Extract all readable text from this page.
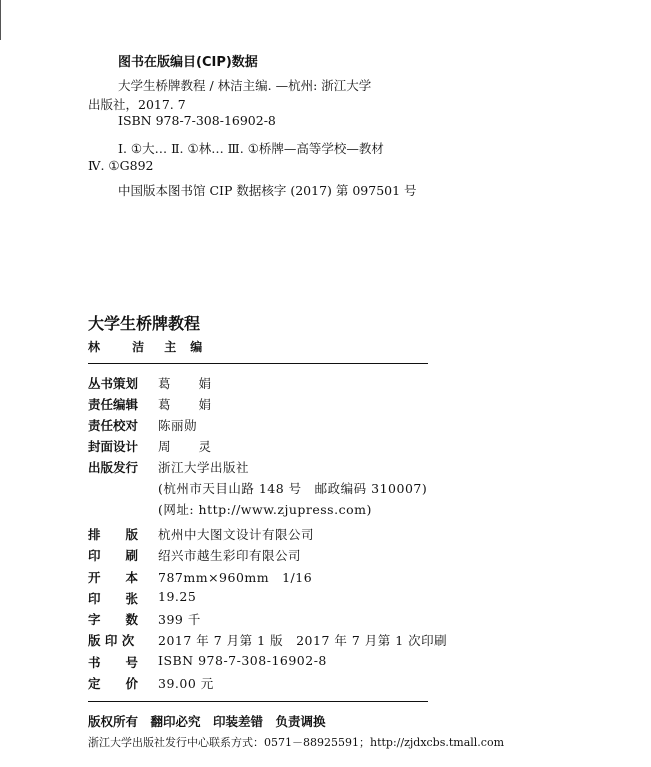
图书在版编目(CIP)数据
大学生桥牌教程 / 林洁主编. —杭州: 浙江大学
出版社，2017. 7
ISBN 978-7-308-16902-8
Ⅰ. ①大… Ⅱ. ①林… Ⅲ. ①桥牌—高等学校—教材
Ⅳ. ①G892
中国版本图书馆 CIP 数据核字 (2017) 第 097501 号
大学生桥牌教程
林 洁 主编
丛书策划	葛 娟
责任编辑	葛 娟
责任校对	陈丽勋
封面设计	周 灵
出版发行	浙江大学出版社
(杭州市天目山路 148 号　邮政编码 310007)
(网址: http://www.zjupress.com)
排　　版	杭州中大图文设计有限公司
印　　刷	绍兴市越生彩印有限公司
开　　本	787mm×960mm　1/16
印　　张	19.25
字　　数	399 千
版 印 次	2017 年 7 月第 1 版　2017 年 7 月第 1 次印刷
书　　号	ISBN 978-7-308-16902-8
定　　价	39.00 元
版权所有　翻印必究　印装差错　负责调换
浙江大学出版社发行中心联系方式：0571－88925591；http://zjdxcbs.tmall.com
